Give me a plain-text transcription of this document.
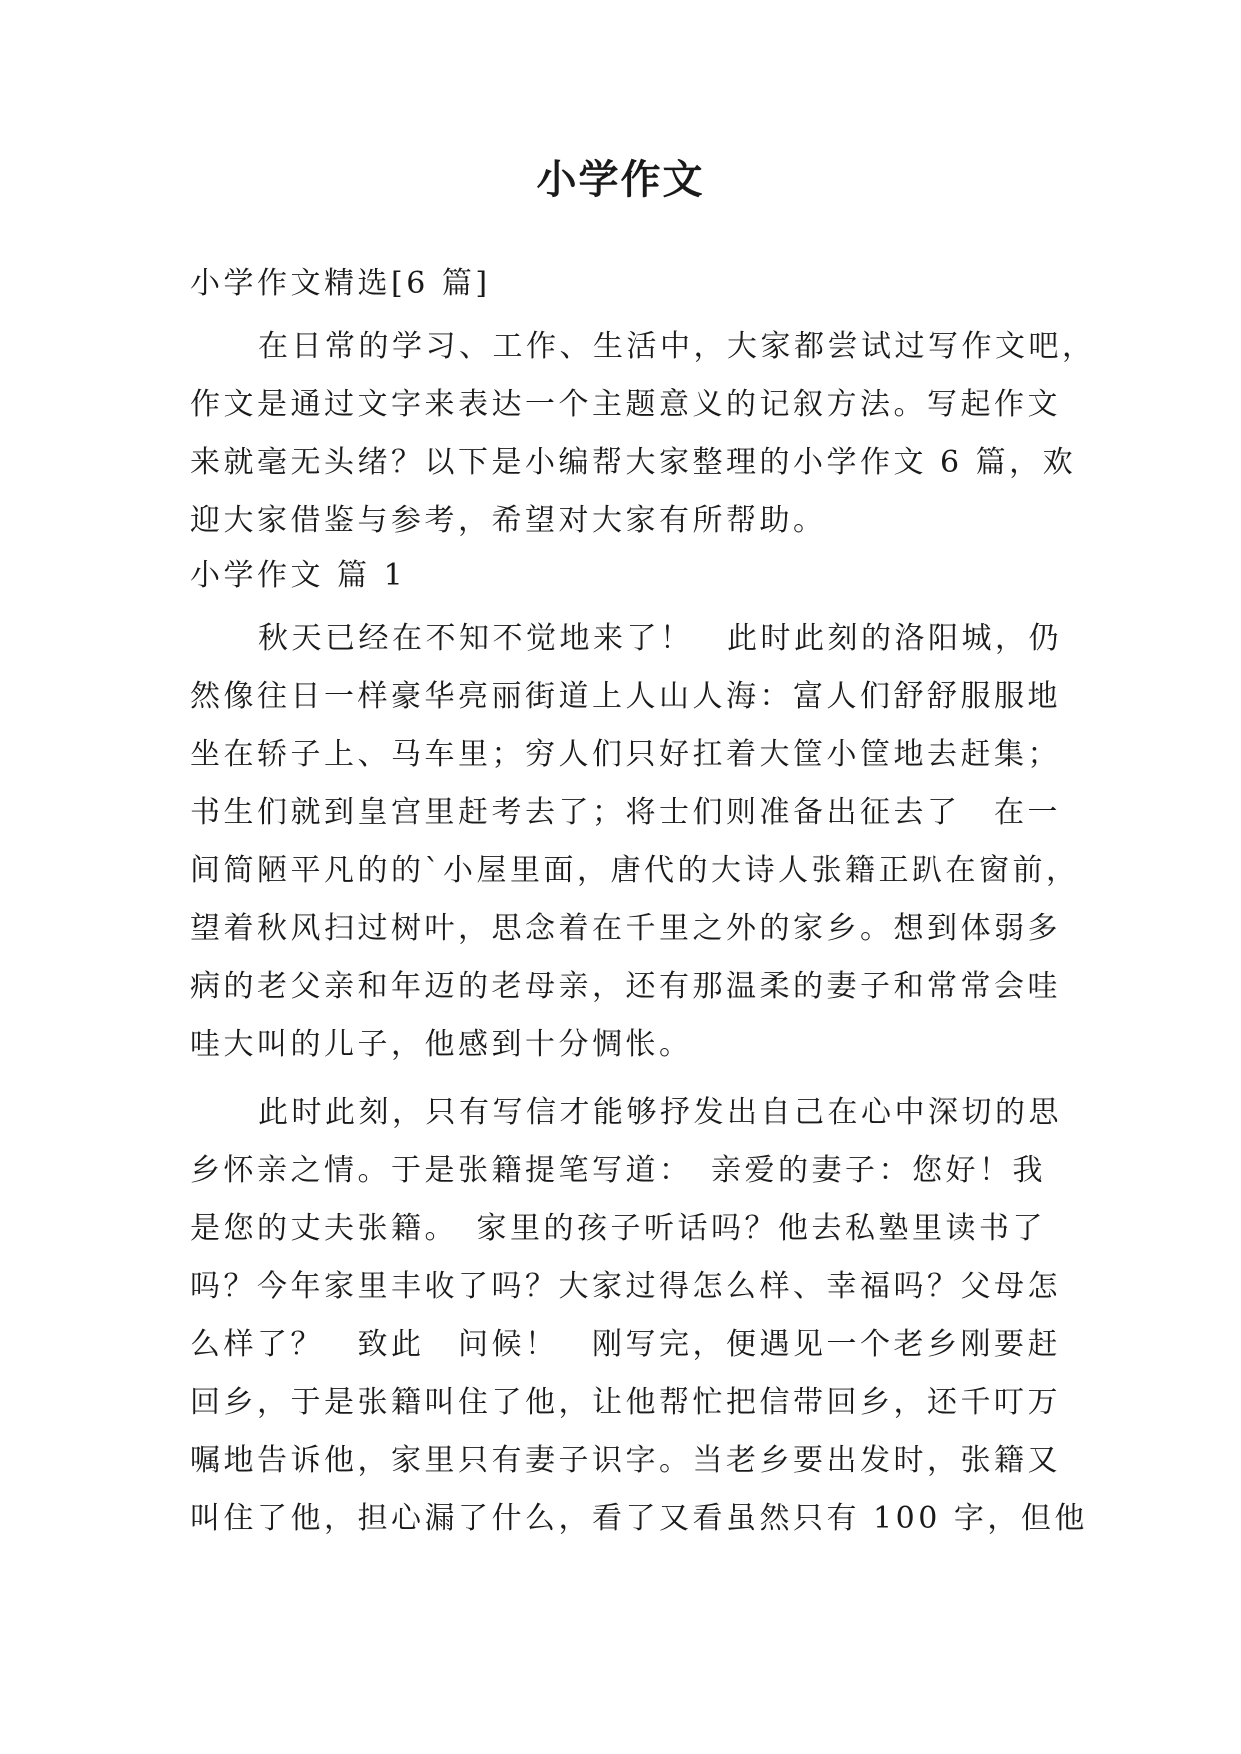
小学作文
小学作文精选[6 篇]
在日常的学习、工作、生活中，大家都尝试过写作文吧，
作文是通过文字来表达一个主题意义的记叙方法。写起作文
来就毫无头绪？以下是小编帮大家整理的小学作文 6 篇，欢
迎大家借鉴与参考，希望对大家有所帮助。
小学作文 篇 1
秋天已经在不知不觉地来了！　此时此刻的洛阳城，仍
然像往日一样豪华亮丽街道上人山人海：富人们舒舒服服地
坐在轿子上、马车里；穷人们只好扛着大筐小筐地去赶集；
书生们就到皇宫里赶考去了；将士们则准备出征去了　在一
间简陋平凡的的`小屋里面，唐代的大诗人张籍正趴在窗前，
望着秋风扫过树叶，思念着在千里之外的家乡。想到体弱多
病的老父亲和年迈的老母亲，还有那温柔的妻子和常常会哇
哇大叫的儿子，他感到十分惆怅。
此时此刻，只有写信才能够抒发出自己在心中深切的思
乡怀亲之情。于是张籍提笔写道：　亲爱的妻子：您好！我
是您的丈夫张籍。　家里的孩子听话吗？他去私塾里读书了
吗？今年家里丰收了吗？大家过得怎么样、幸福吗？父母怎
么样了？　致此　问候！　刚写完，便遇见一个老乡刚要赶
回乡，于是张籍叫住了他，让他帮忙把信带回乡，还千叮万
嘱地告诉他，家里只有妻子识字。当老乡要出发时，张籍又
叫住了他，担心漏了什么，看了又看虽然只有 100 字，但他
